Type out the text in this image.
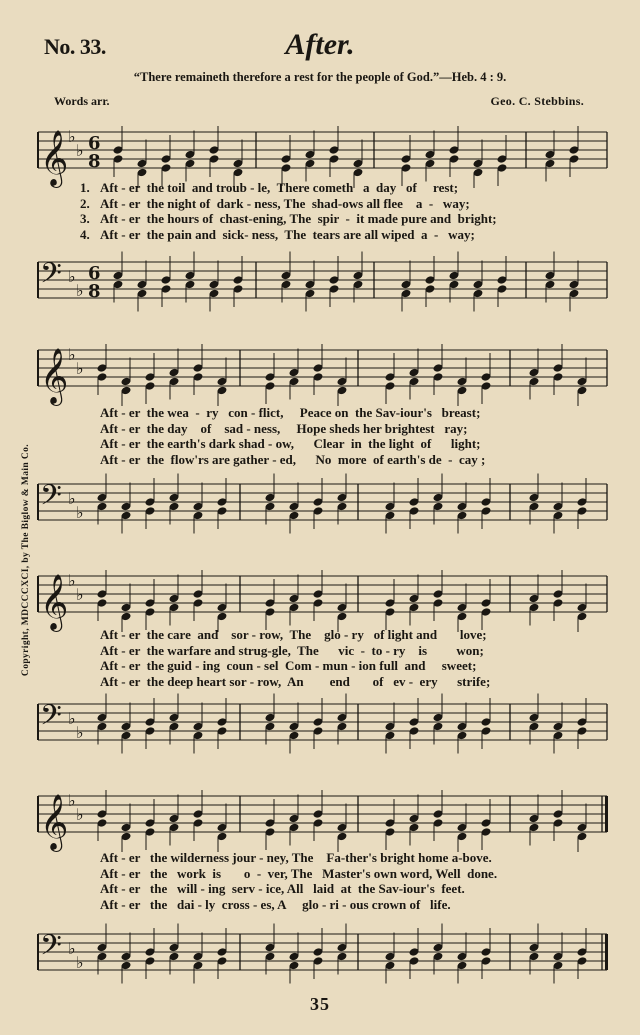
No. 33.	After.
“There remaineth therefore a rest for the people of God.”—Heb. 4 : 9.
Words arr.	Geo. C. Stebbins.
Copyright, MDCCCXCI, by The Biglow & Main Co.
𝄞 ♭
♭ 6
8
𝄢 ♭
♭
6
8
𝄞 ♭
♭
𝄢 ♭
♭
𝄞 ♭
♭
𝄢 ♭
♭
𝄞 ♭
♭
𝄢 ♭
♭
1. Aft - er  the toil  and troub - le,  There cometh   a  day   of     rest;
2. Aft - er  the night of  dark - ness, The  shad-ows all flee    a  -   way;
3. Aft - er  the hours of  chast-ening, The  spir  -  it made pure and  bright;
4. Aft - er  the pain and  sick- ness,  The  tears are all wiped  a  -   way;
Aft - er  the wea  -  ry   con - flict,     Peace on  the Sav-iour's   breast;
Aft - er  the day    of    sad - ness,     Hope sheds her brightest   ray;
Aft - er  the earth's dark shad - ow,      Clear  in  the light  of      light;
Aft - er  the  flow'rs are gather - ed,      No  more  of earth's de  -  cay ;
Aft - er  the care  and    sor - row,  The    glo - ry   of light and       love;
Aft - er  the warfare and strug-gle,  The      vic  -  to - ry    is         won;
Aft - er  the guid - ing  coun - sel  Com - mun - ion full  and     sweet;
Aft - er  the deep heart sor - row,  An        end       of   ev -  ery      strife;
Aft - er   the wilderness jour - ney, The    Fa-ther's bright home a-bove.
Aft - er   the   work  is       o  -  ver, The   Master's own word, Well  done.
Aft - er   the   will - ing  serv - ice, All   laid  at  the Sav-iour's  feet.
Aft - er   the   dai - ly  cross - es, A     glo - ri - ous crown of   life.
35
